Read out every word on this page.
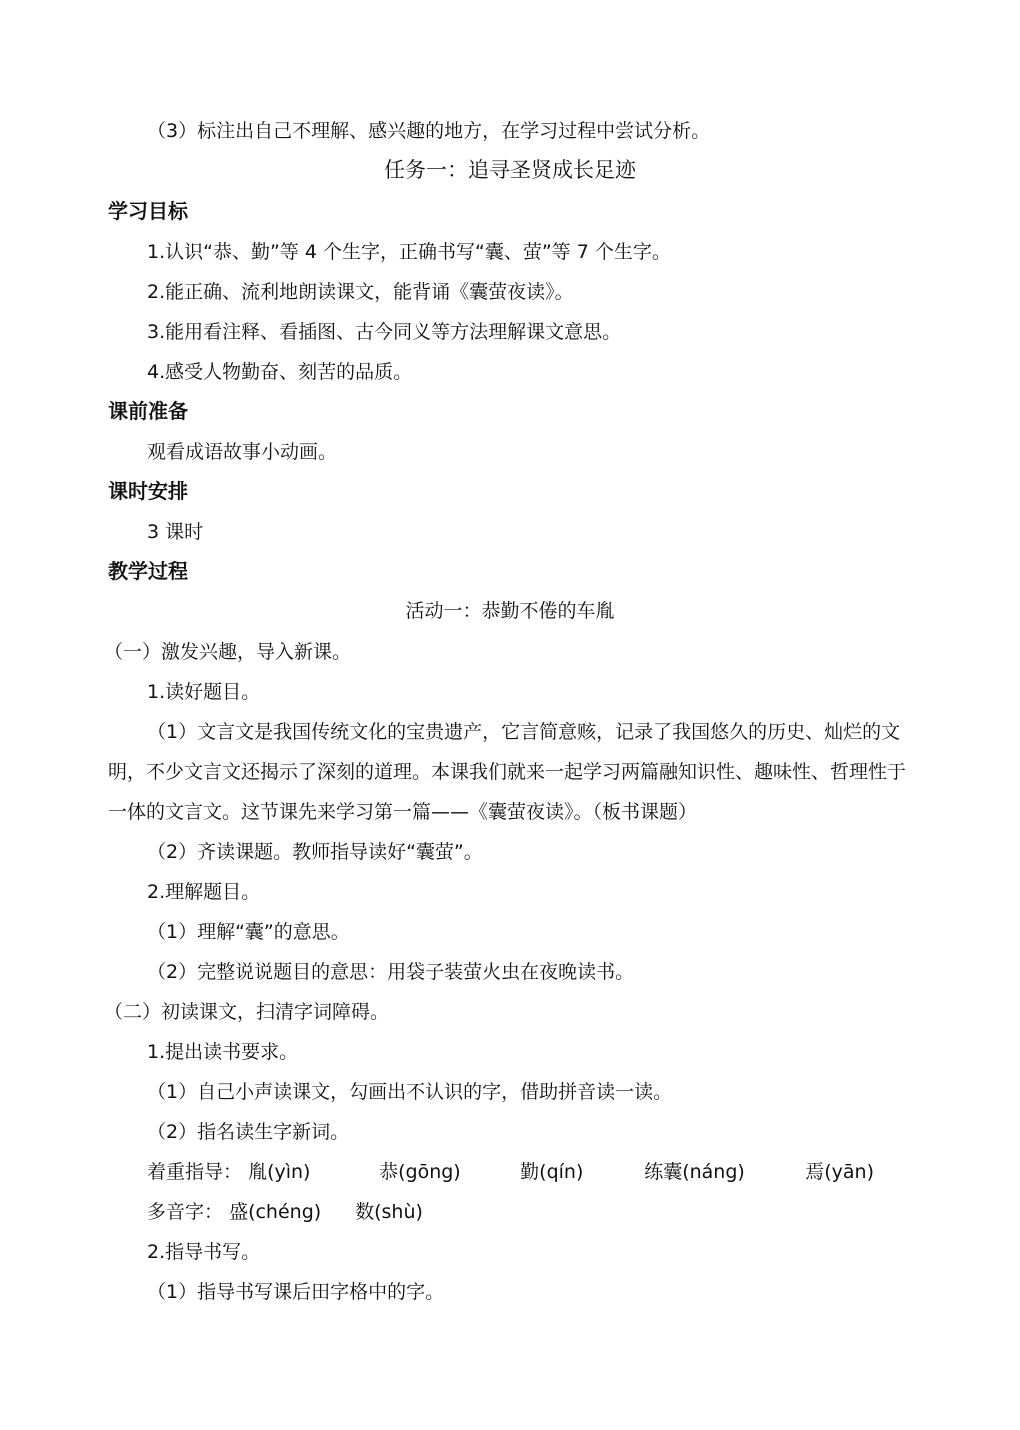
（3）标注出自己不理解、感兴趣的地方，在学习过程中尝试分析。
任务一：追寻圣贤成长足迹
学习目标
1.认识“恭、勤”等 4 个生字，正确书写“囊、萤”等 7 个生字。
2.能正确、流利地朗读课文，能背诵《囊萤夜读》。
3.能用看注释、看插图、古今同义等方法理解课文意思。
4.感受人物勤奋、刻苦的品质。
课前准备
观看成语故事小动画。
课时安排
3 课时
教学过程
活动一：恭勤不倦的车胤
（一）激发兴趣，导入新课。
1.读好题目。
（1）文言文是我国传统文化的宝贵遗产，它言简意赅，记录了我国悠久的历史、灿烂的文明，不少文言文还揭示了深刻的道理。本课我们就来一起学习两篇融知识性、趣味性、哲理性于一体的文言文。这节课先来学习第一篇——《囊萤夜读》。（板书课题）
（2）齐读课题。教师指导读好“囊萤”。
2.理解题目。
（1）理解“囊”的意思。
（2）完整说说题目的意思：用袋子装萤火虫在夜晚读书。
（二）初读课文，扫清字词障碍。
1.提出读书要求。
（1）自己小声读课文，勾画出不认识的字，借助拼音读一读。
（2）指名读生字新词。
着重指导： 胤(yìn)	恭(gōng)	勤(qín)	练囊(náng)	焉(yān)
多音字： 盛(chéng) 数(shù)
2.指导书写。
（1）指导书写课后田字格中的字。
